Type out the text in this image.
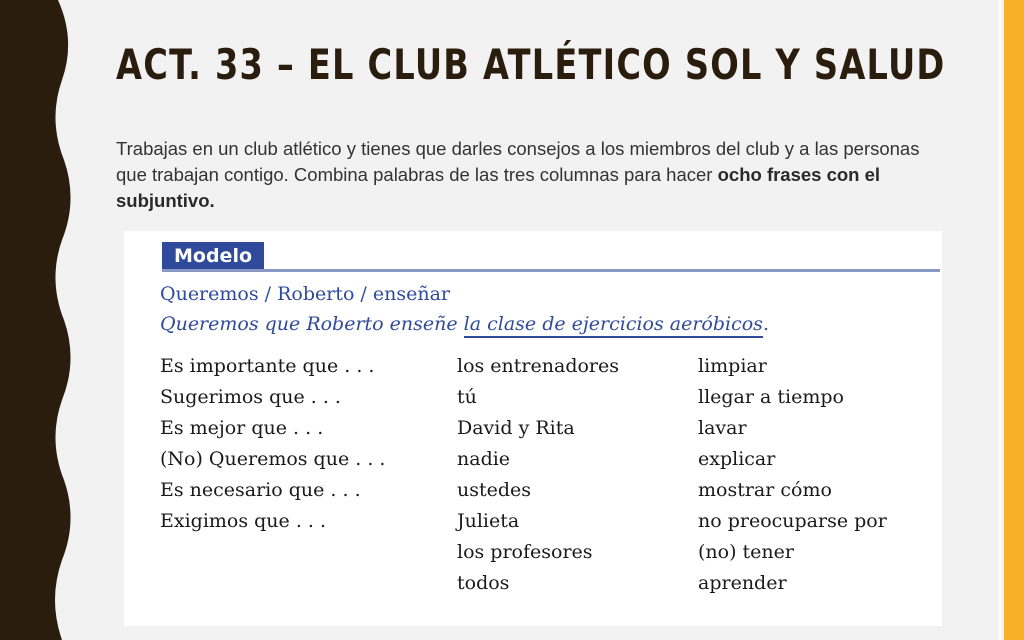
ACT. 33 – EL CLUB ATLÉTICO SOL Y SALUD

Trabajas en un club atlético y tienes que darles consejos a los miembros del club y a las personas que trabajan contigo. Combina palabras de las tres columnas para hacer ocho frases con el subjuntivo.

Modelo
Queremos / Roberto / enseñar
Queremos que Roberto enseñe la clase de ejercicios aeróbicos.
Es importante que . . .
Sugerimos que . . .
Es mejor que . . .
(No) Queremos que . . .
Es necesario que . . .
Exigimos que . . .
los entrenadores
tú
David y Rita
nadie
ustedes
Julieta
los profesores
todos
limpiar
llegar a tiempo
lavar
explicar
mostrar cómo
no preocuparse por
(no) tener
aprender
